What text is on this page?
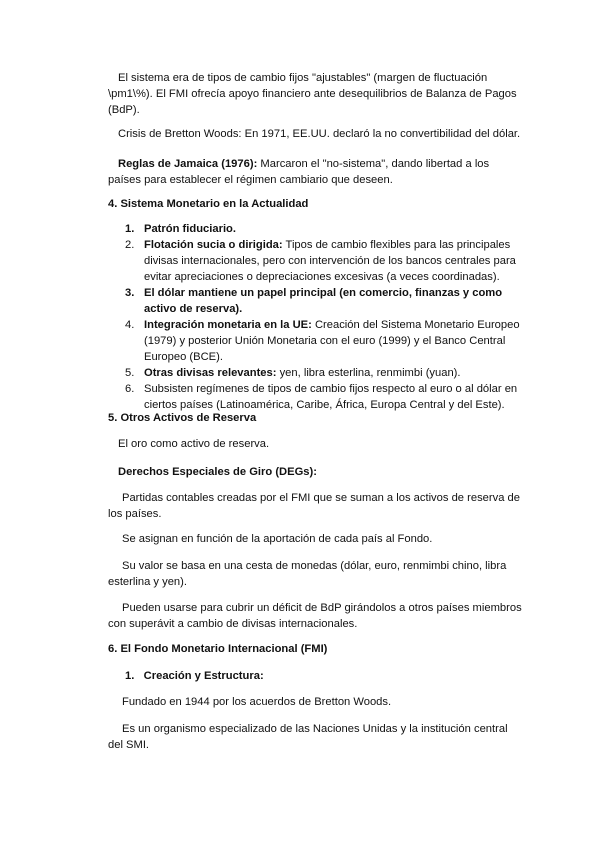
El sistema era de tipos de cambio fijos "ajustables" (margen de fluctuación \pm1\%). El FMI ofrecía apoyo financiero ante desequilibrios de Balanza de Pagos (BdP).

Crisis de Bretton Woods: En 1971, EE.UU. declaró la no convertibilidad del dólar.

Reglas de Jamaica (1976): Marcaron el "no-sistema", dando libertad a los países para establecer el régimen cambiario que deseen.

4. Sistema Monetario en la Actualidad

1. Patrón fiduciario.
2. Flotación sucia o dirigida: Tipos de cambio flexibles para las principales divisas internacionales, pero con intervención de los bancos centrales para evitar apreciaciones o depreciaciones excesivas (a veces coordinadas).
3. El dólar mantiene un papel principal (en comercio, finanzas y como activo de reserva).
4. Integración monetaria en la UE: Creación del Sistema Monetario Europeo (1979) y posterior Unión Monetaria con el euro (1999) y el Banco Central Europeo (BCE).
5. Otras divisas relevantes: yen, libra esterlina, renmimbi (yuan).
6. Subsisten regímenes de tipos de cambio fijos respecto al euro o al dólar en ciertos países (Latinoamérica, Caribe, África, Europa Central y del Este).

5. Otros Activos de Reserva

El oro como activo de reserva.

Derechos Especiales de Giro (DEGs):

Partidas contables creadas por el FMI que se suman a los activos de reserva de los países.

Se asignan en función de la aportación de cada país al Fondo.

Su valor se basa en una cesta de monedas (dólar, euro, renmimbi chino, libra esterlina y yen).

Pueden usarse para cubrir un déficit de BdP girándolos a otros países miembros con superávit a cambio de divisas internacionales.

6. El Fondo Monetario Internacional (FMI)

1. Creación y Estructura:

Fundado en 1944 por los acuerdos de Bretton Woods.

Es un organismo especializado de las Naciones Unidas y la institución central del SMI.
